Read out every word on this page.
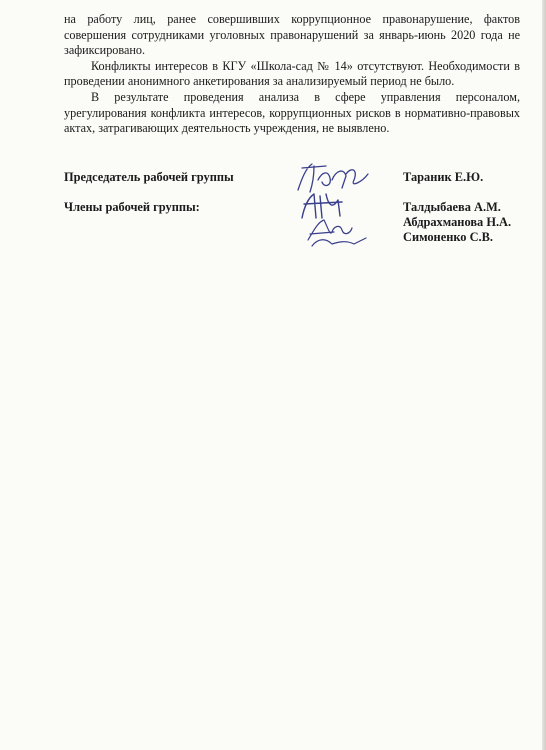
на работу лиц, ранее совершивших коррупционное правонарушение, фактов совершения сотрудниками уголовных правонарушений за январь-июнь 2020 года не зафиксировано.

Конфликты интересов в КГУ «Школа-сад № 14» отсутствуют. Необходимости в проведении анонимного анкетирования за анализируемый период не было.

В результате проведения анализа в сфере управления персоналом, урегулирования конфликта интересов, коррупционных рисков в нормативно-правовых актах, затрагивающих деятельность учреждения, не выявлено.

Председатель рабочей группы	Тараник Е.Ю.
Члены рабочей группы:	Талдыбаева А.М.
Абдрахманова Н.А.
Симоненко С.В.
